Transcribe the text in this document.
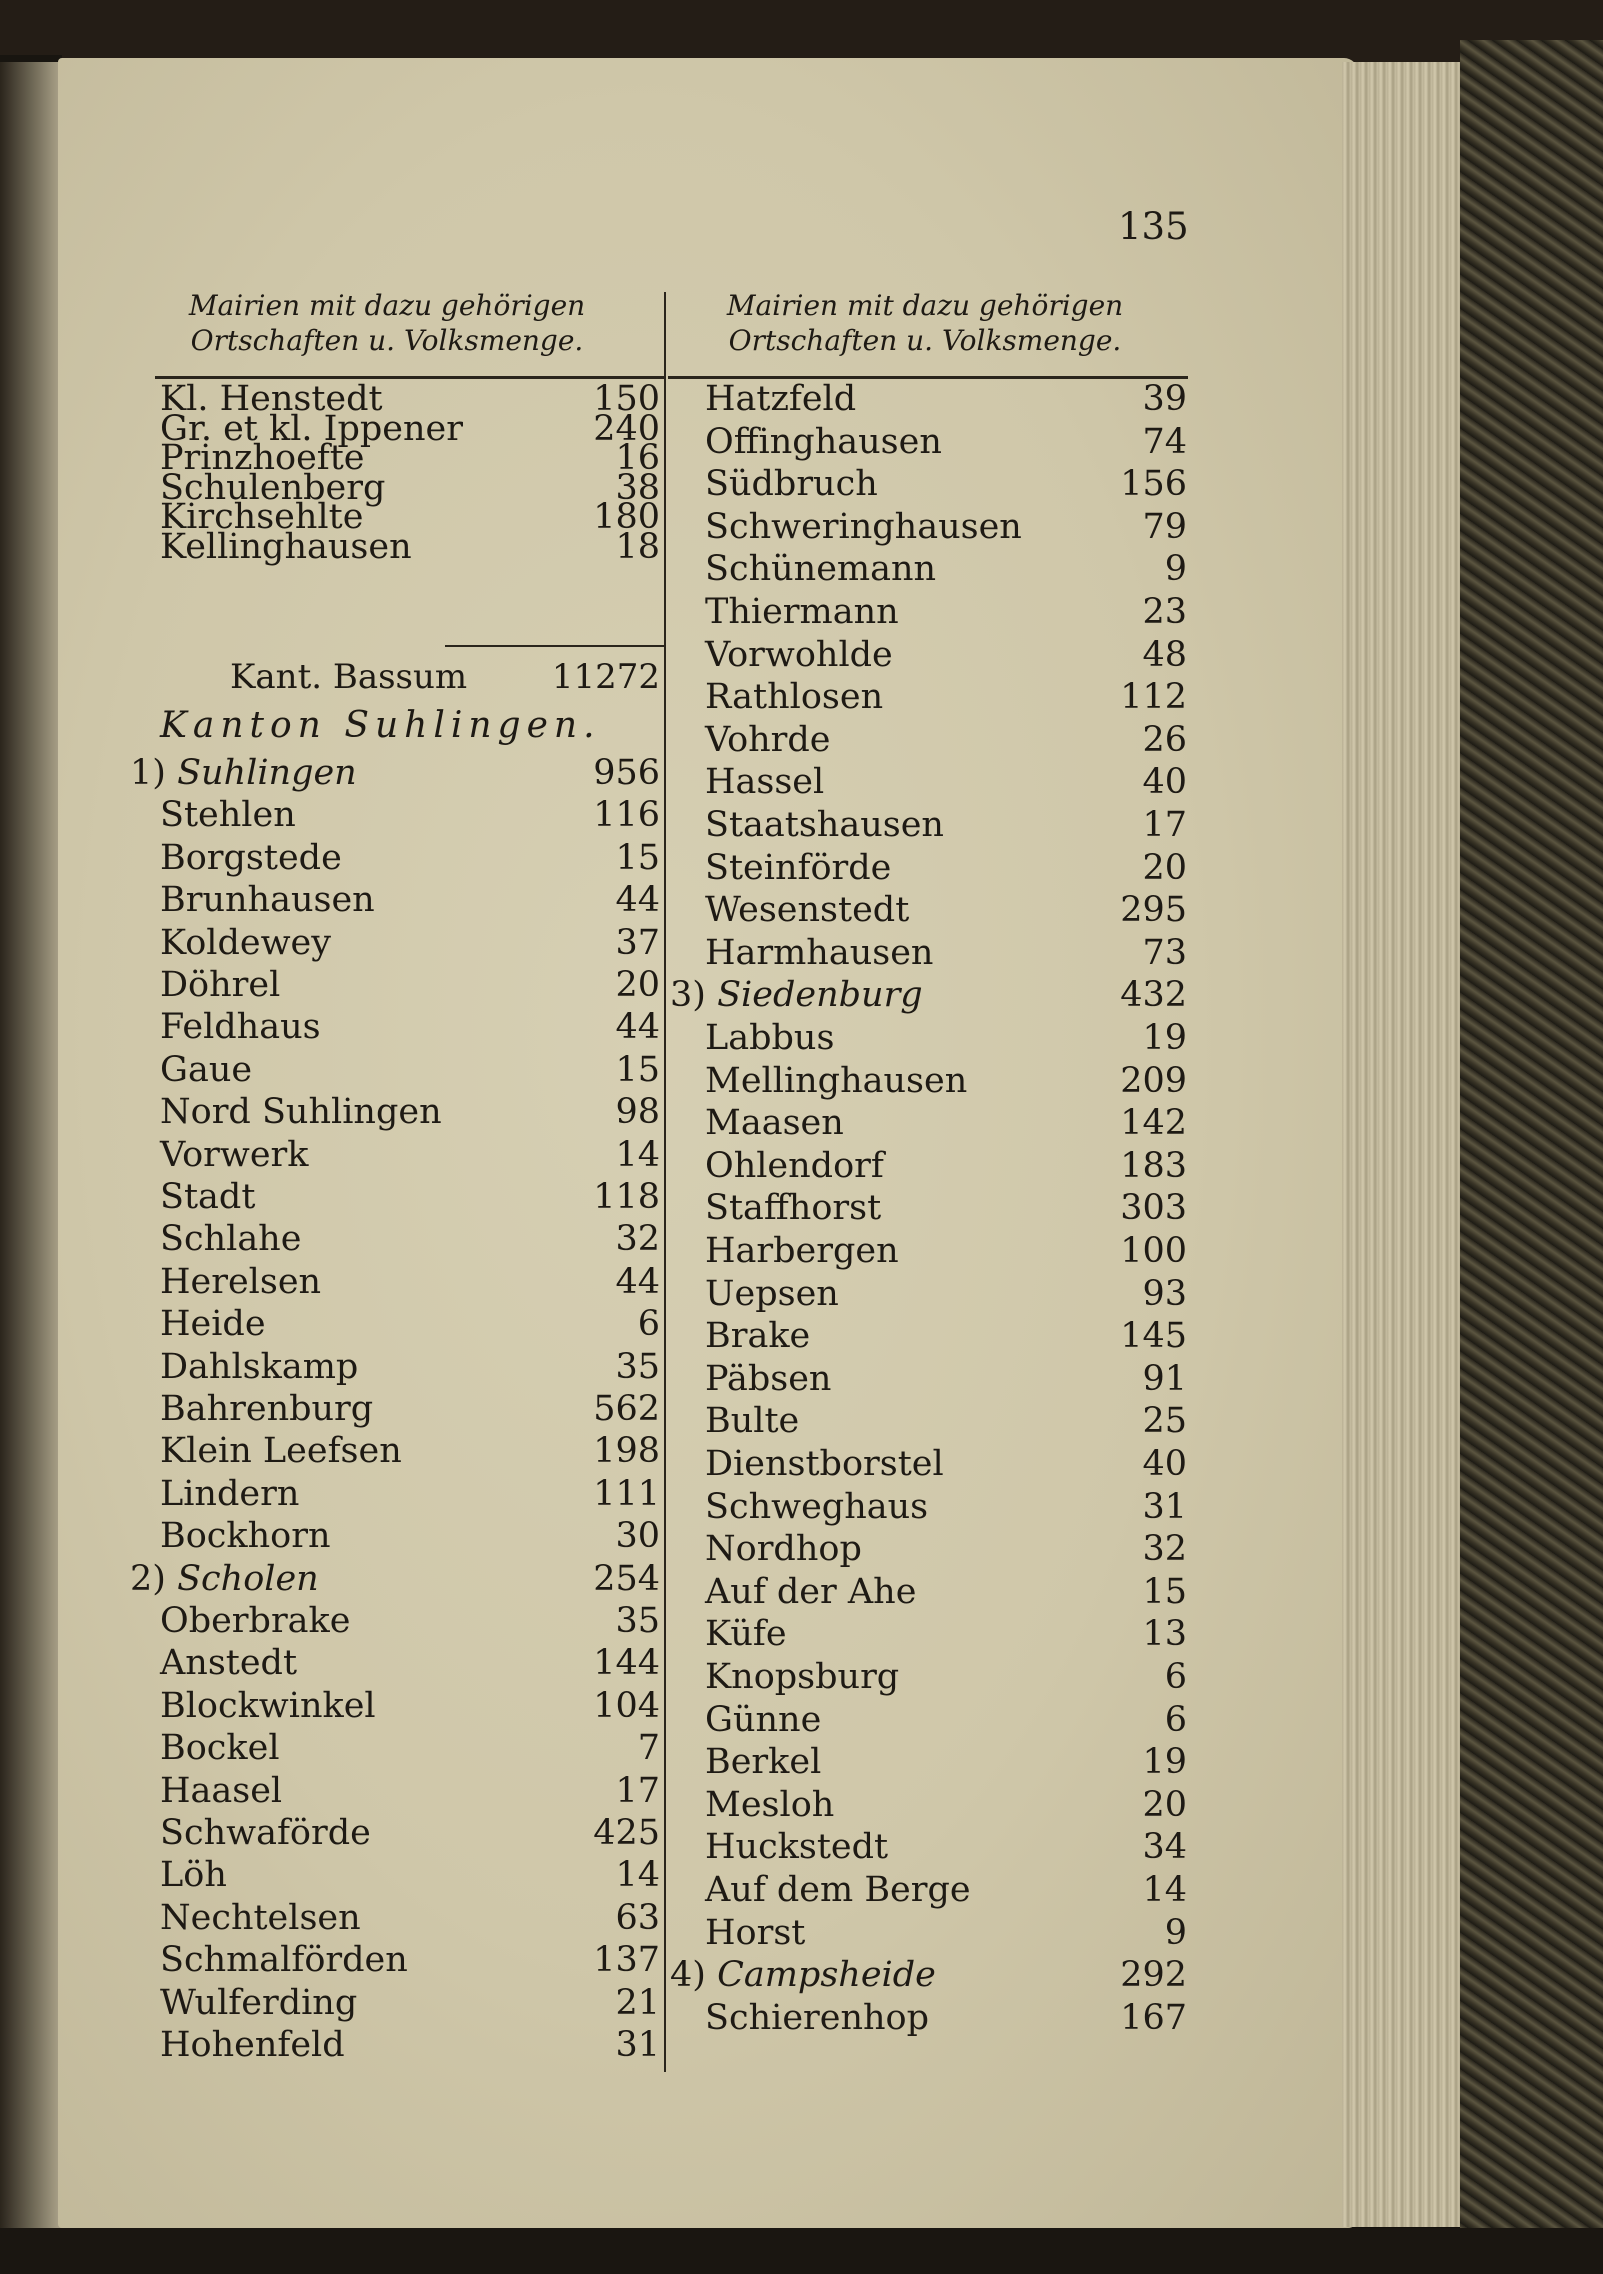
135
Mairien mit dazu gehörigen
Ortschaften u. Volksmenge.
Mairien mit dazu gehörigen
Ortschaften u. Volksmenge.
Kl. Henstedt	150
Gr. et kl. Ippener	240
Prinzhoefte	16
Schulenberg	38
Kirchsehlte	180
Kellinghausen	18
1) Suhlingen	956
Stehlen	116
Borgstede	15
Brunhausen	44
Koldewey	37
Döhrel	20
Feldhaus	44
Gaue	15
Nord Suhlingen	98
Vorwerk	14
Stadt	118
Schlahe	32
Herelsen	44
Heide	6
Dahlskamp	35
Bahrenburg	562
Klein Leefsen	198
Lindern	111
Bockhorn	30
2) Scholen	254
Oberbrake	35
Anstedt	144
Blockwinkel	104
Bockel	7
Haasel	17
Schwaförde	425
Löh	14
Nechtelsen	63
Schmalförden	137
Wulferding	21
Hohenfeld	31
Hatzfeld	39
Offinghausen	74
Südbruch	156
Schweringhausen	79
Schünemann	9
Thiermann	23
Vorwohlde	48
Rathlosen	112
Vohrde	26
Hassel	40
Staatshausen	17
Steinförde	20
Wesenstedt	295
Harmhausen	73
3) Siedenburg	432
Labbus	19
Mellinghausen	209
Maasen	142
Ohlendorf	183
Staffhorst	303
Harbergen	100
Uepsen	93
Brake	145
Päbsen	91
Bulte	25
Dienstborstel	40
Schweghaus	31
Nordhop	32
Auf der Ahe	15
Küfe	13
Knopsburg	6
Günne	6
Berkel	19
Mesloh	20
Huckstedt	34
Auf dem Berge	14
Horst	9
4) Campsheide	292
Schierenhop	167
Kant. Bassum 11272
Kanton Suhlingen.
